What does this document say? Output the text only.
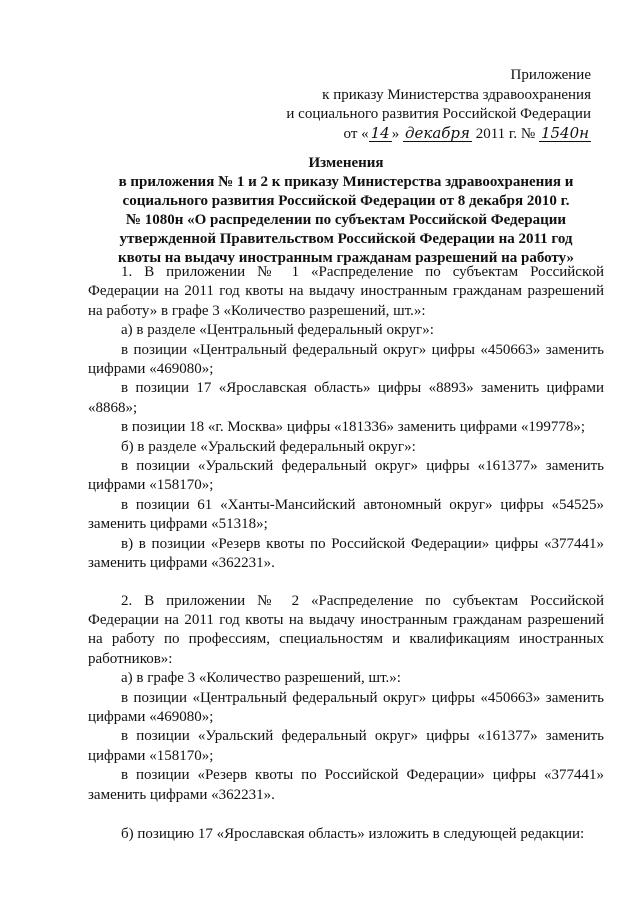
Приложение
к приказу Министерства здравоохранения
и социального развития Российской Федерации
от « 14 » декабря 2011 г. № 1540н
Изменения
в приложения № 1 и 2 к приказу Министерства здравоохранения и
социального развития Российской Федерации от 8 декабря 2010 г.
№ 1080н «О распределении по субъектам Российской Федерации
утвержденной Правительством Российской Федерации на 2011 год
квоты на выдачу иностранным гражданам разрешений на работу»

1. В приложении № 1 «Распределение по субъектам Российской Федерации на 2011 год квоты на выдачу иностранным гражданам разрешений на работу» в графе 3 «Количество разрешений, шт.»:

а) в разделе «Центральный федеральный округ»:

в позиции «Центральный федеральный округ» цифры «450663» заменить цифрами «469080»;

в позиции 17 «Ярославская область» цифры «8893» заменить цифрами «8868»;

в позиции 18 «г. Москва» цифры «181336» заменить цифрами «199778»;

б) в разделе «Уральский федеральный округ»:

в позиции «Уральский федеральный округ» цифры «161377» заменить цифрами «158170»;

в позиции 61 «Ханты-Мансийский автономный округ» цифры «54525» заменить цифрами «51318»;

в) в позиции «Резерв квоты по Российской Федерации» цифры «377441» заменить цифрами «362231».

2. В приложении № 2 «Распределение по субъектам Российской Федерации на 2011 год квоты на выдачу иностранным гражданам разрешений на работу по профессиям, специальностям и квалификациям иностранных работников»:

а) в графе 3 «Количество разрешений, шт.»:

в позиции «Центральный федеральный округ» цифры «450663» заменить цифрами «469080»;

в позиции «Уральский федеральный округ» цифры «161377» заменить цифрами «158170»;

в позиции «Резерв квоты по Российской Федерации» цифры «377441» заменить цифрами «362231».

б) позицию 17 «Ярославская область» изложить в следующей редакции:
